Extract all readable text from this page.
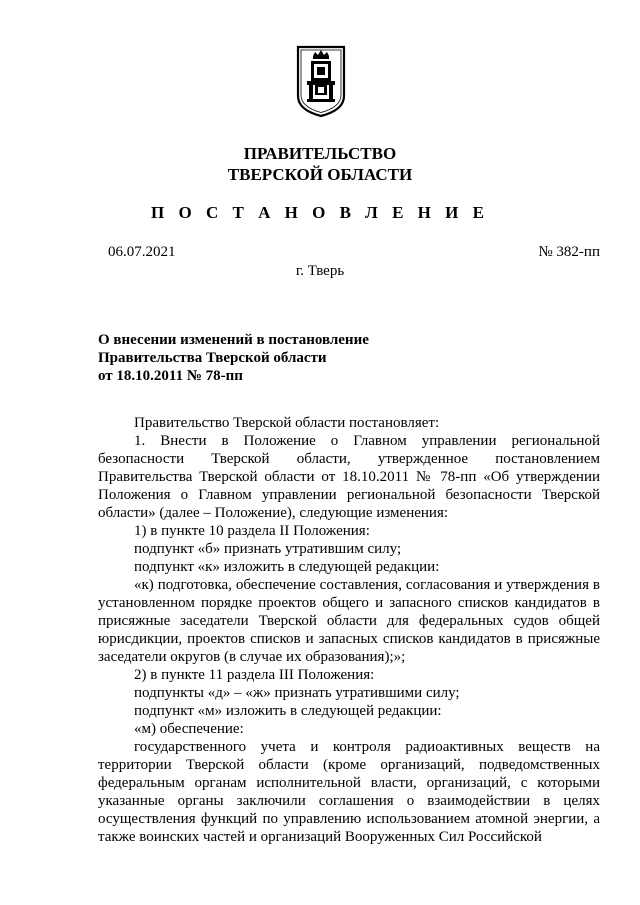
ПРАВИТЕЛЬСТВО
ТВЕРСКОЙ ОБЛАСТИ
П О С Т А Н О В Л Е Н И Е
06.07.2021	№ 382-пп
г. Тверь
О внесении изменений в постановление
Правительства Тверской области
от 18.10.2011 № 78-пп

Правительство Тверской области постановляет:

1. Внести в Положение о Главном управлении региональной безопасности Тверской области, утвержденное постановлением Правительства Тверской области от 18.10.2011 № 78-пп «Об утверждении Положения о Главном управлении региональной безопасности Тверской области» (далее – Положение), следующие изменения:

1) в пункте 10 раздела II Положения:

подпункт «б» признать утратившим силу;

подпункт «к» изложить в следующей редакции:

«к) подготовка, обеспечение составления, согласования и утверждения в установленном порядке проектов общего и запасного списков кандидатов в присяжные заседатели Тверской области для федеральных судов общей юрисдикции, проектов списков и запасных списков кандидатов в присяжные заседатели округов (в случае их образования);»;

2) в пункте 11 раздела III Положения:

подпункты «д» – «ж» признать утратившими силу;

подпункт «м» изложить в следующей редакции:

«м) обеспечение:

государственного учета и контроля радиоактивных веществ на территории Тверской области (кроме организаций, подведомственных федеральным органам исполнительной власти, организаций, с которыми указанные органы заключили соглашения о взаимодействии в целях осуществления функций по управлению использованием атомной энергии, а также воинских частей и организаций Вооруженных Сил Российской
